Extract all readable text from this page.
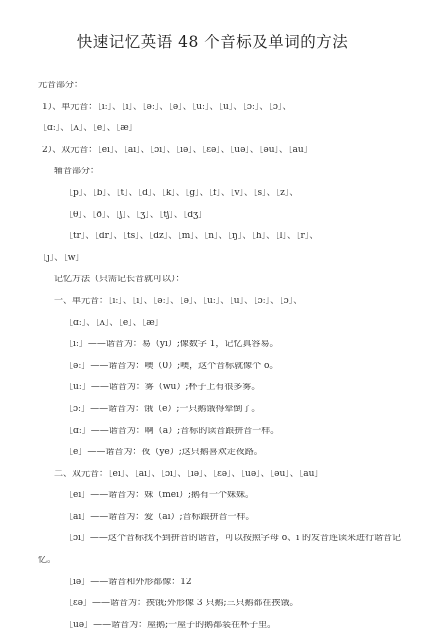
快速记忆英语 48 个音标及单词的方法
元音部分：
1）、单元音：［iː］、［i］、［əː］、［ə］、［uː］、［u］、［ɔː］、［ɔ］、
［ɑː］、［ʌ］、［e］、［æ］
2）、双元音：［ei］、［ai］、［ɔi］、［iə］、［εə］、［uə］、［əu］、［au］
辅音部分：
［p］、［b］、［t］、［d］、［k］、［g］、［f］、［v］、［s］、［z］、
［θ］、［ð］、［ʃ］、［ʒ］、［tʃ］、［dʒ］
［tr］、［dr］、［ts］、［dz］、［m］、［n］、［ŋ］、［h］、［l］、［r］、
［j］、［w］
记忆方法（只需记长音就可以）：
一、单元音：［iː］、［i］、［əː］、［ə］、［uː］、［u］、［ɔː］、［ɔ］、
［ɑː］、［ʌ］、［e］、［æ］
［iː］——谐音为：易（yi）;像数字 1，记忆真容易。
［əː］——谐音为：噢（0）;噢，这个音标就像个 o。
［uː］——谐音为：雾（wu）;杯子上有很多雾。
［ɔː］——谐音为：饿（e）;一只鹅饿得晕倒了。
［ɑː］——谐音为：啊（a）;音标的读音跟拼音一样。
［e］——谐音为：夜（ye）;这只鹅喜欢走夜路。
二、双元音：［ei］、［ai］、［ɔi］、［iə］、［εə］、［uə］、［əu］、［au］
［ei］——谐音为：妹（mei）;鹅有一个妹妹。
［ai］——谐音为：爱（ai）;音标跟拼音一样。
［ɔi］——这个音标找不到拼音的谐音，可以按照字母 o、i 的发音连读来进行谐音记
忆。
［iə］——谐音和外形都像：12
［εə］——谐音为：挨饿;外形像 3 只鹅;三只鹅都在挨饿。
［uə］——谐音为：屋鹅;一屋子的鹅都装在杯子里。
